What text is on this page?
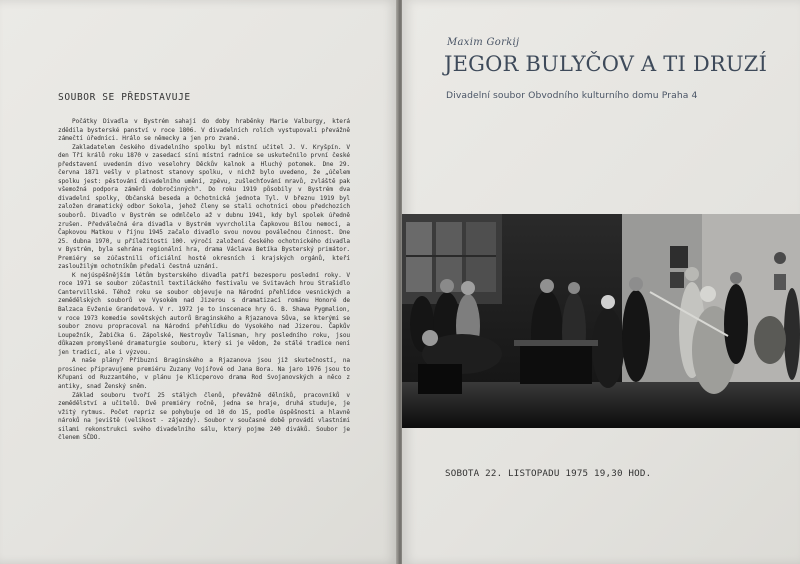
SOUBOR SE PŘEDSTAVUJE

Počátky Divadla v Bystrém sahají do doby hraběnky Marie Valburgy, která zdědila bysterské panství v roce 1806. V divadelních rolích vystupovali převážně zámečtí úředníci. Hrálo se německy a jen pro zvané.

Zakladatelem českého divadelního spolku byl místní učitel J. V. Kryšpín. V den Tří králů roku 1870 v zasedací síni místní radnice se uskutečnilo první české představení uvedením divo veselohry Děckův kalnok a Hluchý potomek. Dne 29. června 1871 vešly v platnost stanovy spolku, v nichž bylo uvedeno, že „účelem spolku jest: pěstování divadelního umění, zpěvu, zušlechťování mravů, zvláště pak všemožná podpora záměrů dobročinných". Do roku 1919 působily v Bystrém dva divadelní spolky, Občanská beseda a Ochotnická jednota Tyl. V březnu 1919 byl založen dramatický odbor Sokola, jehož členy se stali ochotníci obou předchozích souborů. Divadlo v Bystrém se odmlčelo až v dubnu 1941, kdy byl spolek úředně zrušen. Předválečná éra divadla v Bystrém vyvrcholila Čapkovou Bílou nemocí, a Čapkovou Matkou v říjnu 1945 začalo divadlo svou novou poválečnou činnost. Dne 25. dubna 1970, u příležitosti 100. výročí založení českého ochotnického divadla v Bystrém, byla sehrána regionální hra, drama Václava Betíka Bysterský primátor. Premiéry se zúčastnili oficiální hosté okresních i krajských orgánů, kteří zasloužilým ochotníkům předali čestná uznání.

K nejúspěšnějším létům bysterského divadla patří bezesporu poslední roky. V roce 1971 se soubor zúčastnil textiláckého festivalu ve Svitavách hrou Strašidlo Cantervillské. Téhož roku se soubor objevuje na Národní přehlídce vesnických a zemědělských souborů ve Vysokém nad Jizerou s dramatizací románu Honoré de Balzaca Evženie Grandetová. V r. 1972 je to inscenace hry G. B. Shawa Pygmalion, v roce 1973 komedie sovětských autorů Braginského a Rjazanova Sůva, se kterými se soubor znovu propracoval na Národní přehlídku do Vysokého nad Jizerou. Čapkův Loupežník, Žabička G. Zápolské, Nestroyův Talisman, hry posledního roku, jsou důkazem promyšlené dramaturgie souboru, který si je vědom, že stálé tradice není jen tradicí, ale i výzvou.

A naše plány? Příbuzní Braginského a Rjazanova jsou již skutečností, na prosinec připravujeme premiéru Zuzany Vojířové od Jana Bora. Na jaro 1976 jsou to Křupani od Ruzzantého, v plánu je Klicperovo drama Rod Svojanovských a něco z antiky, snad Ženský sněm.

Základ souboru tvoří 25 stálých členů, převážně dělníků, pracovníků v zemědělství a učitelů. Dvě premiéry ročně, jedna se hraje, druhá studuje, je vžitý rytmus. Počet repriz se pohybuje od 10 do 15, podle úspěšnosti a hlavně nároků na jeviště (velikost - zájezdy). Soubor v současné době provádí vlastními silami rekonstrukci svého divadelního sálu, který pojme 240 diváků. Soubor je členem SČDO.

Maxim Gorkij
JEGOR BULYČOV A TI DRUZÍ
Divadelní soubor Obvodního kulturního domu Praha 4
SOBOTA 22. LISTOPADU 1975 19,30 HOD.
